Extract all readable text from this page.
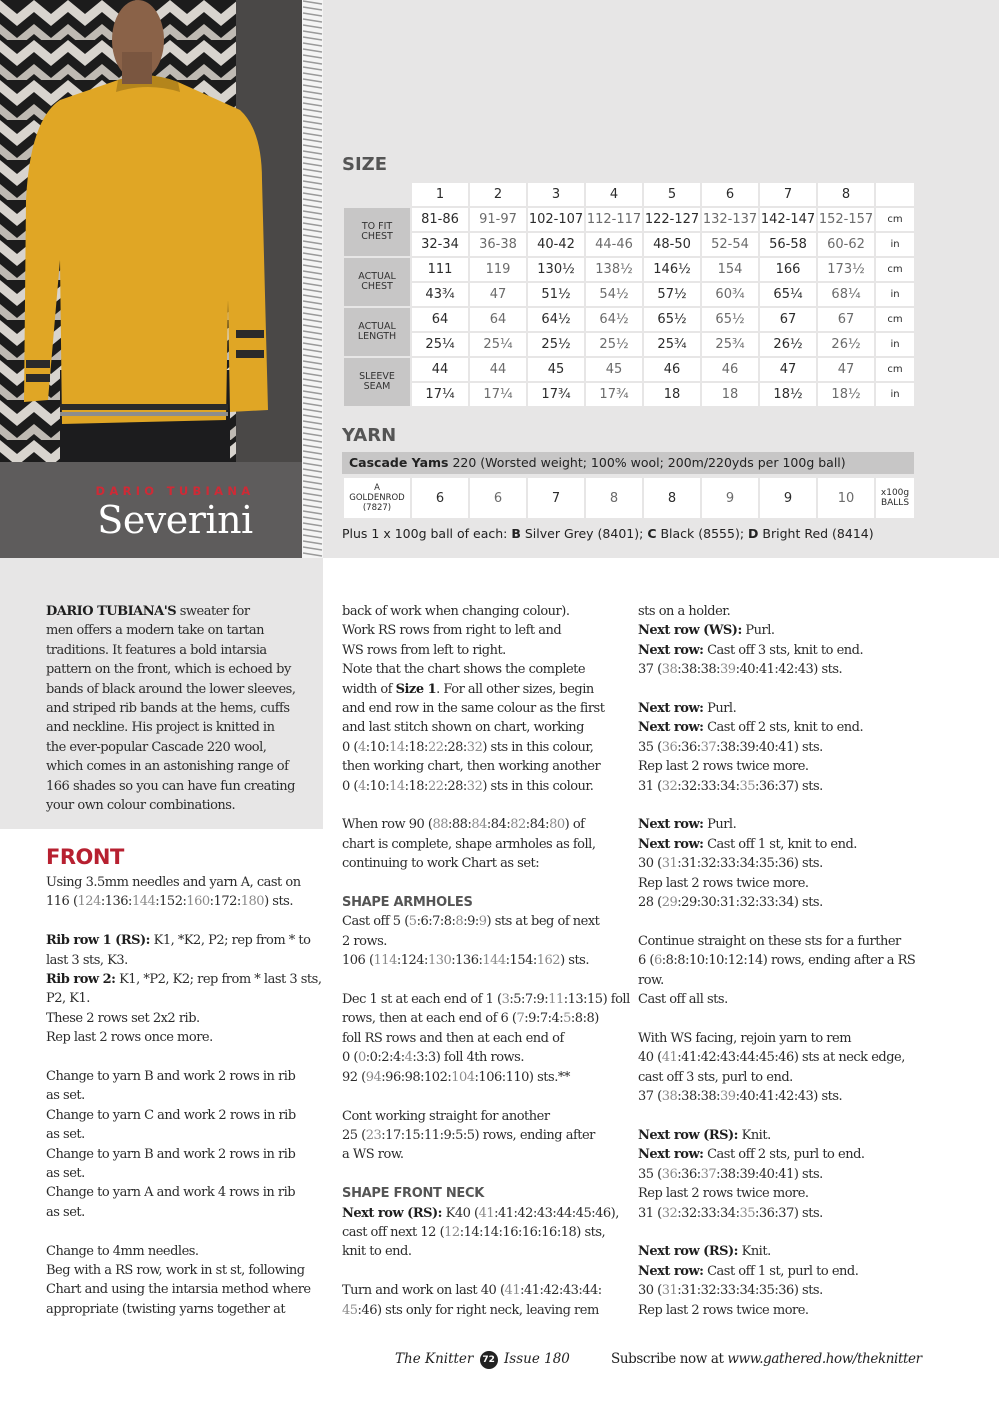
DARIO TUBIANA
Severini
SIZE
	1	2	3	4	5	6	7	8	
TO FIT
CHEST	81-86	91-97	102-107	112-117	122-127	132-137	142-147	152-157	cm
	32-34	36-38	40-42	44-46	48-50	52-54	56-58	60-62	in
ACTUAL
CHEST	111	119	130½	138½	146½	154	166	173½	cm
	43¾	47	51½	54½	57½	60¾	65¼	68¼	in
ACTUAL
LENGTH	64	64	64½	64½	65½	65½	67	67	cm
	25¼	25¼	25½	25½	25¾	25¾	26½	26½	in
SLEEVE
SEAM	44	44	45	45	46	46	47	47	cm
	17¼	17¼	17¾	17¾	18	18	18½	18½	in
YARN
Cascade Yams 220 (Worsted weight; 100% wool; 200m/220yds per 100g ball)
A
GOLDENROD
(7827)	6	6	7	8	8	9	9	10	x100g
BALLS
Plus 1 x 100g ball of each: B Silver Grey (8401); C Black (8555); D Bright Red (8414)

DARIO TUBIANA'S sweater for

men offers a modern take on tartan

traditions. It features a bold intarsia

pattern on the front, which is echoed by

bands of black around the lower sleeves,

and striped rib bands at the hems, cuffs

and neckline. His project is knitted in

the ever-popular Cascade 220 wool,

which comes in an astonishing range of

166 shades so you can have fun creating

your own colour combinations.

FRONT

Using 3.5mm needles and yarn A, cast on

116 (124:136:144:152:160:172:180) sts.

Rib row 1 (RS): K1, *K2, P2; rep from * to

last 3 sts, K3.

Rib row 2: K1, *P2, K2; rep from * last 3 sts,

P2, K1.

These 2 rows set 2x2 rib.

Rep last 2 rows once more.

Change to yarn B and work 2 rows in rib

as set.

Change to yarn C and work 2 rows in rib

as set.

Change to yarn B and work 2 rows in rib

as set.

Change to yarn A and work 4 rows in rib

as set.

Change to 4mm needles.

Beg with a RS row, work in st st, following

Chart and using the intarsia method where

appropriate (twisting yarns together at

back of work when changing colour).

Work RS rows from right to left and

WS rows from left to right.

Note that the chart shows the complete

width of Size 1. For all other sizes, begin

and end row in the same colour as the first

and last stitch shown on chart, working

0 (4:10:14:18:22:28:32) sts in this colour,

then working chart, then working another

0 (4:10:14:18:22:28:32) sts in this colour.

When row 90 (88:88:84:84:82:84:80) of

chart is complete, shape armholes as foll,

continuing to work Chart as set:

SHAPE ARMHOLES

Cast off 5 (5:6:7:8:8:9:9) sts at beg of next

2 rows.

106 (114:124:130:136:144:154:162) sts.

Dec 1 st at each end of 1 (3:5:7:9:11:13:15) foll

rows, then at each end of 6 (7:9:7:4:5:8:8)

foll RS rows and then at each end of

0 (0:0:2:4:4:3:3) foll 4th rows.

92 (94:96:98:102:104:106:110) sts.**

Cont working straight for another

25 (23:17:15:11:9:5:5) rows, ending after

a WS row.

SHAPE FRONT NECK

Next row (RS): K40 (41:41:42:43:44:45:46),

cast off next 12 (12:14:14:16:16:16:18) sts,

knit to end.

Turn and work on last 40 (41:41:42:43:44:

45:46) sts only for right neck, leaving rem

sts on a holder.

Next row (WS): Purl.

Next row: Cast off 3 sts, knit to end.

37 (38:38:38:39:40:41:42:43) sts.

Next row: Purl.

Next row: Cast off 2 sts, knit to end.

35 (36:36:37:38:39:40:41) sts.

Rep last 2 rows twice more.

31 (32:32:33:34:35:36:37) sts.

Next row: Purl.

Next row: Cast off 1 st, knit to end.

30 (31:31:32:33:34:35:36) sts.

Rep last 2 rows twice more.

28 (29:29:30:31:32:33:34) sts.

Continue straight on these sts for a further

6 (6:8:8:10:10:12:14) rows, ending after a RS

row.

Cast off all sts.

With WS facing, rejoin yarn to rem

40 (41:41:42:43:44:45:46) sts at neck edge,

cast off 3 sts, purl to end.

37 (38:38:38:39:40:41:42:43) sts.

Next row (RS): Knit.

Next row: Cast off 2 sts, purl to end.

35 (36:36:37:38:39:40:41) sts.

Rep last 2 rows twice more.

31 (32:32:33:34:35:36:37) sts.

Next row (RS): Knit.

Next row: Cast off 1 st, purl to end.

30 (31:31:32:33:34:35:36) sts.

Rep last 2 rows twice more.

The Knitter 72 Issue 180	Subscribe now at www.gathered.how/theknitter
